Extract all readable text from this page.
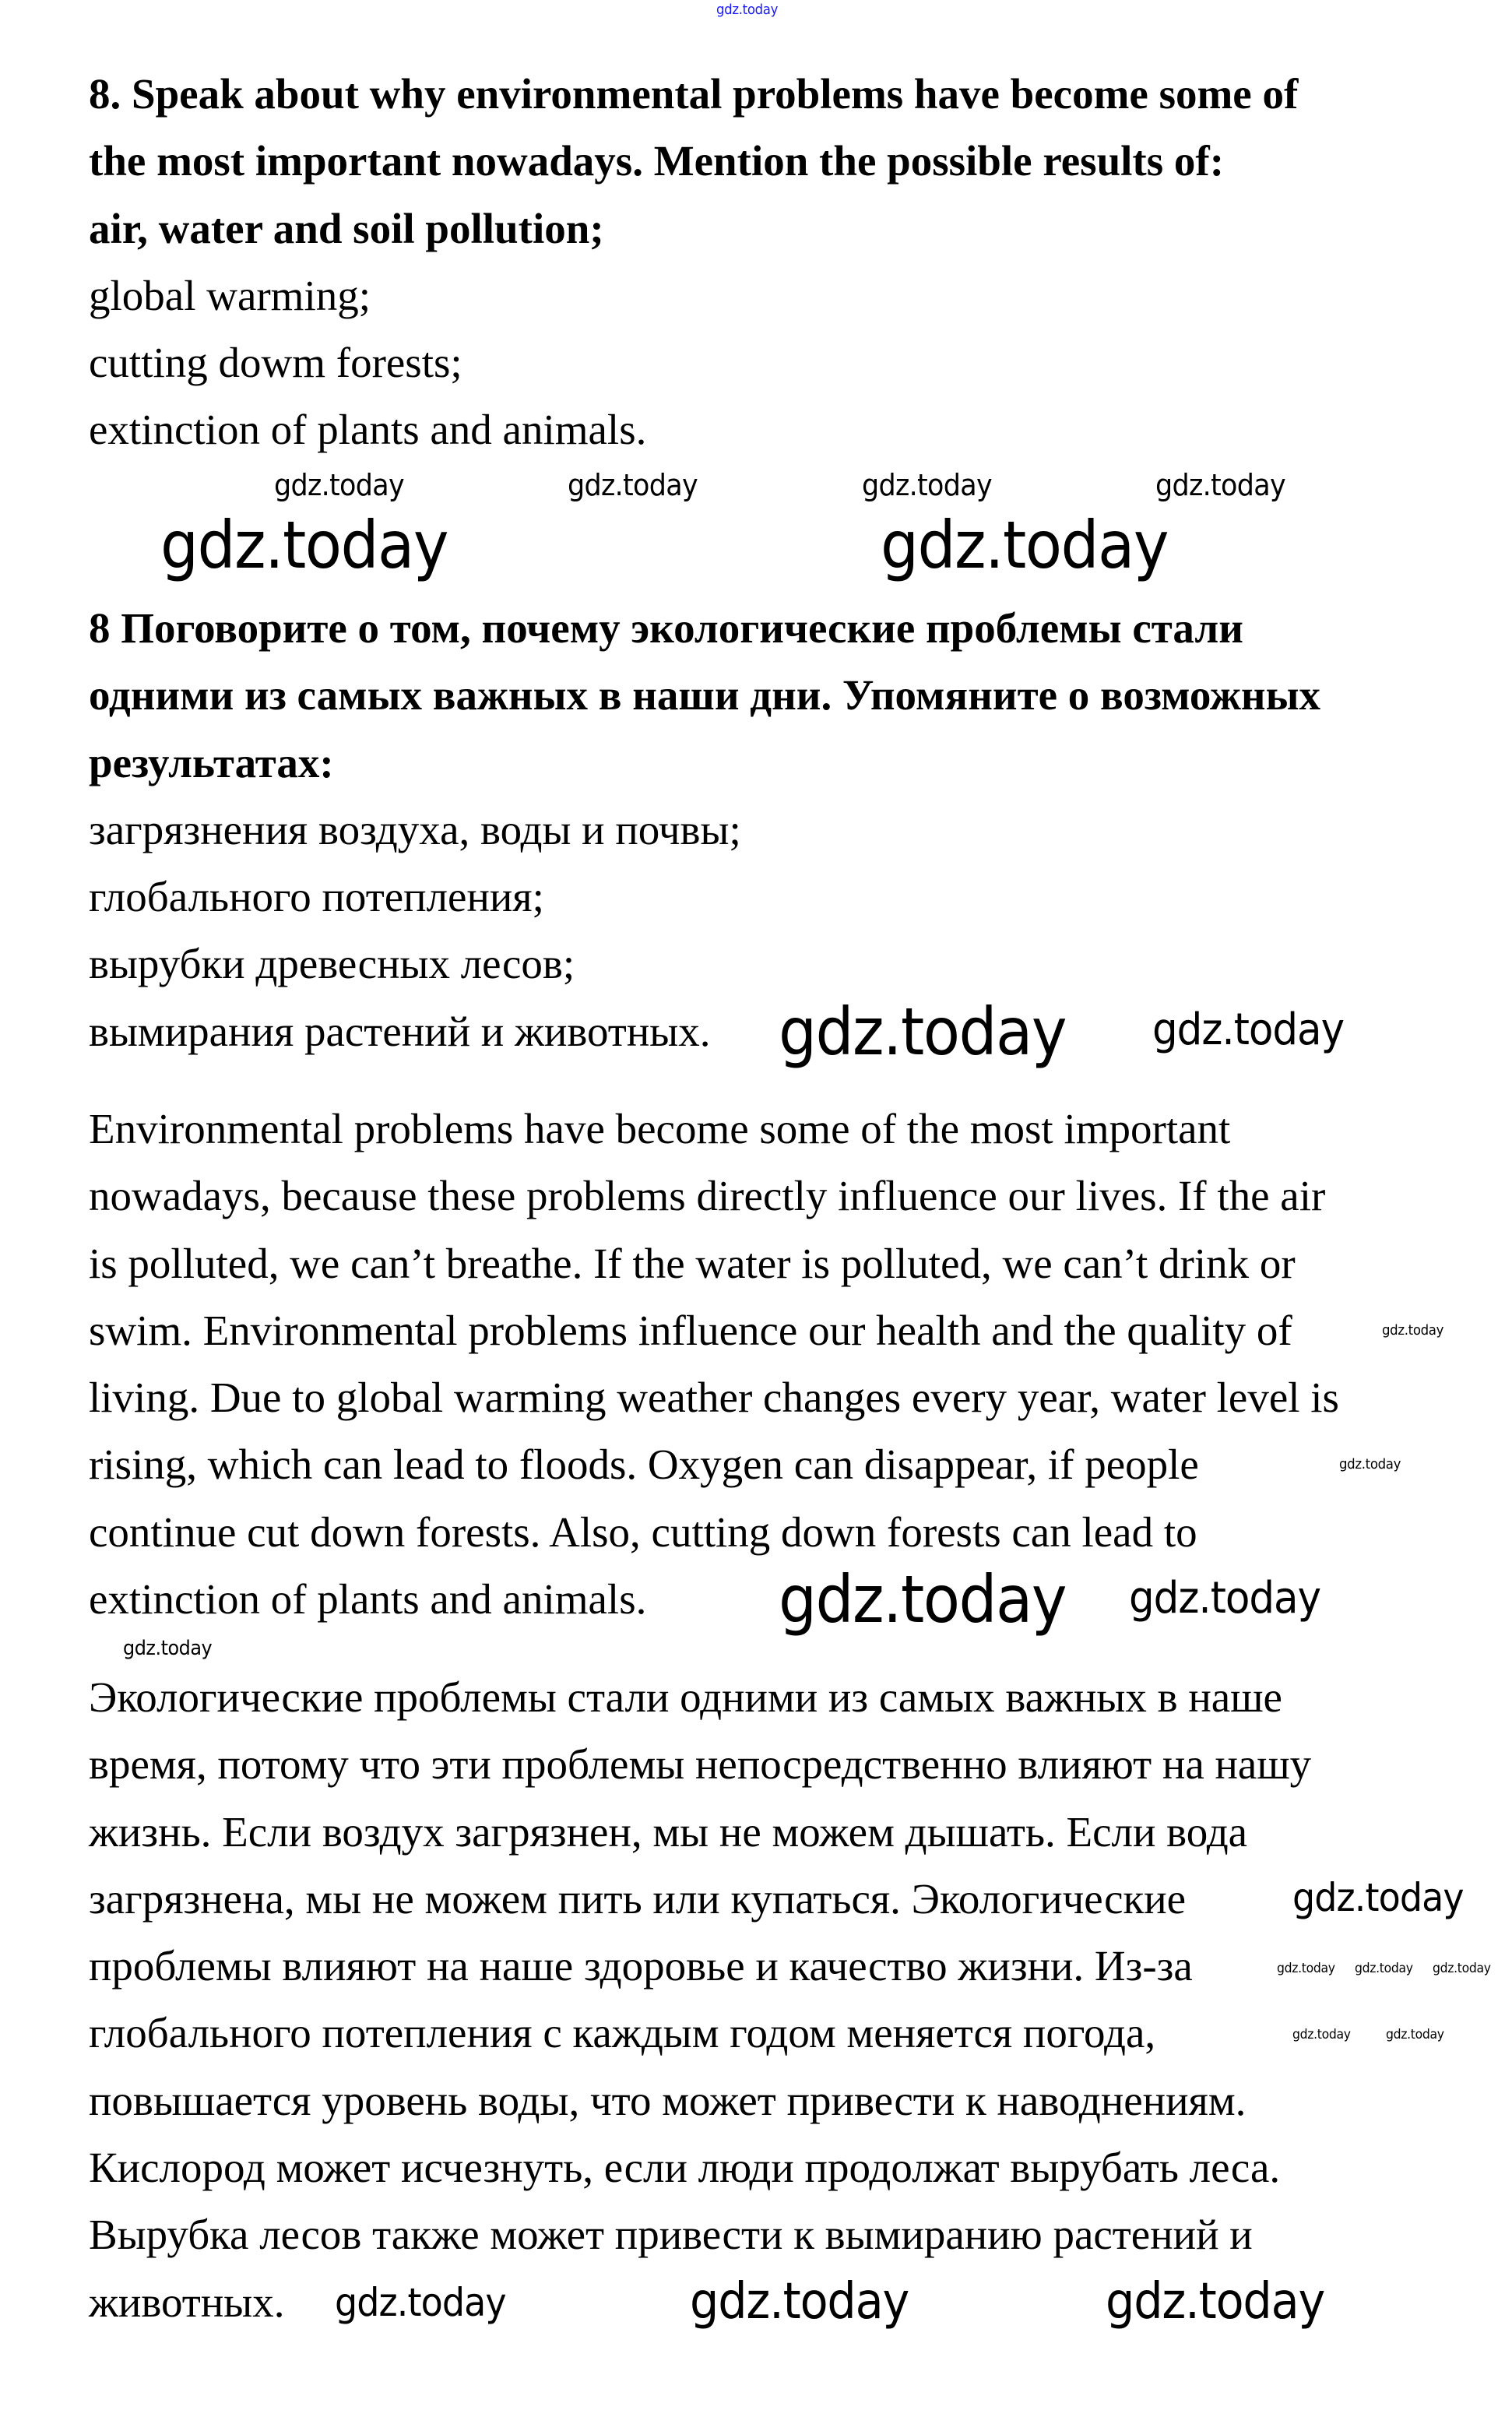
gdz.today
gdz.today	gdz.today	gdz.today	gdz.today
gdz.today	gdz.today
gdz.today gdz.today
gdz.today
gdz.today
gdz.today gdz.today
gdz.today
gdz.today
gdz.today gdz.today gdz.today
gdz.today	gdz.today
gdz.today	gdz.today	gdz.today
8. Speak about why environmental problems have become some of
the most important nowadays. Mention the possible results of:
air, water and soil pollution;
global warming;
cutting dowm forests;
extinction of plants and animals.
8 Поговорите о том, почему экологические проблемы стали
одними из самых важных в наши дни. Упомяните о возможных
результатах:
загрязнения воздуха, воды и почвы;
глобального потепления;
вырубки древесных лесов;
вымирания растений и животных.
Environmental problems have become some of the most important
nowadays, because these problems directly influence our lives. If the air
is polluted, we can’t breathe. If the water is polluted, we can’t drink or
swim. Environmental problems influence our health and the quality of
living. Due to global warming weather changes every year, water level is
rising, which can lead to floods. Oxygen can disappear, if people
continue cut down forests. Also, cutting down forests can lead to
extinction of plants and animals.
Экологические проблемы стали одними из самых важных в наше
время, потому что эти проблемы непосредственно влияют на нашу
жизнь. Если воздух загрязнен, мы не можем дышать. Если вода
загрязнена, мы не можем пить или купаться. Экологические
проблемы влияют на наше здоровье и качество жизни. Из-за
глобального потепления с каждым годом меняется погода,
повышается уровень воды, что может привести к наводнениям.
Кислород может исчезнуть, если люди продолжат вырубать леса.
Вырубка лесов также может привести к вымиранию растений и
животных.
